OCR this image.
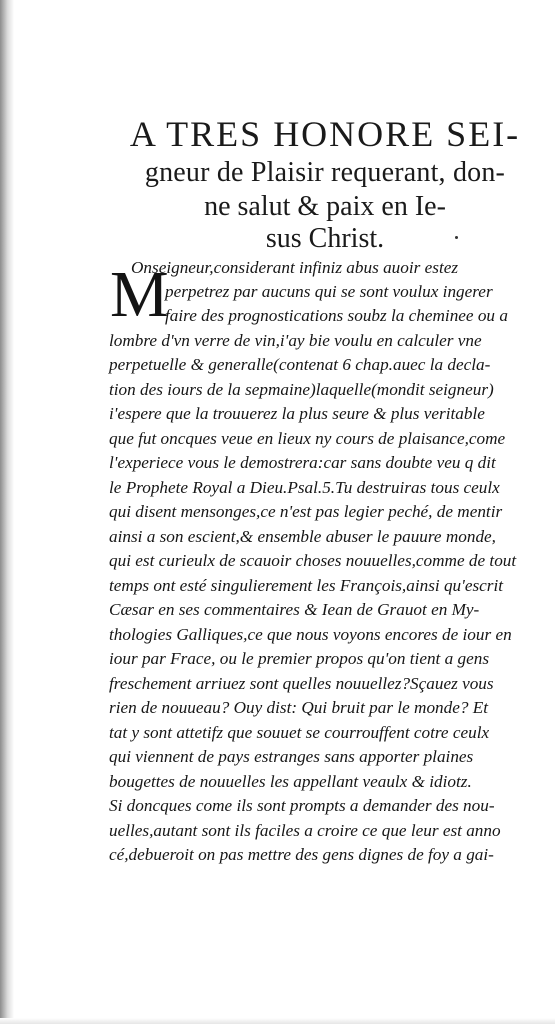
A TRES HONORE SEI-
gneur de Plaisir requerant, don-
ne salut & paix en Ie-
sus Christ.
M
Onseigneur,considerant infiniz abus auoir estez
perpetrez par aucuns qui se sont voulux ingerer
faire des prognostications soubz la cheminee ou a
lombre d'vn verre de vin,i'ay bie voulu en calculer vne
perpetuelle & generalle(contenat 6 chap.auec la decla-
tion des iours de la sepmaine)laquelle(mondit seigneur)
i'espere que la trouuerez la plus seure & plus veritable
que fut oncques veue en lieux ny cours de plaisance,come
l'experiece vous le demostrera:car sans doubte veu q dit
le Prophete Royal a Dieu.Psal.5.Tu destruiras tous ceulx
qui disent mensonges,ce n'est pas legier peché, de mentir
ainsi a son escient,& ensemble abuser le pauure monde,
qui est curieulx de scauoir choses nouuelles,comme de tout
temps ont esté singulierement les François,ainsi qu'escrit
Cæsar en ses commentaires & Iean de Grauot en My-
thologies Galliques,ce que nous voyons encores de iour en
iour par Frace, ou le premier propos qu'on tient a gens
freschement arriuez sont quelles nouuellez?Sçauez vous
rien de nouueau? Ouy dist: Qui bruit par le monde? Et
tat y sont attetifz que souuet se courrouffent cotre ceulx
qui viennent de pays estranges sans apporter plaines
bougettes de nouuelles les appellant veaulx & idiotz.
Si doncques come ils sont prompts a demander des nou-
uelles,autant sont ils faciles a croire ce que leur est anno
cé,debueroit on pas mettre des gens dignes de foy a gai-
